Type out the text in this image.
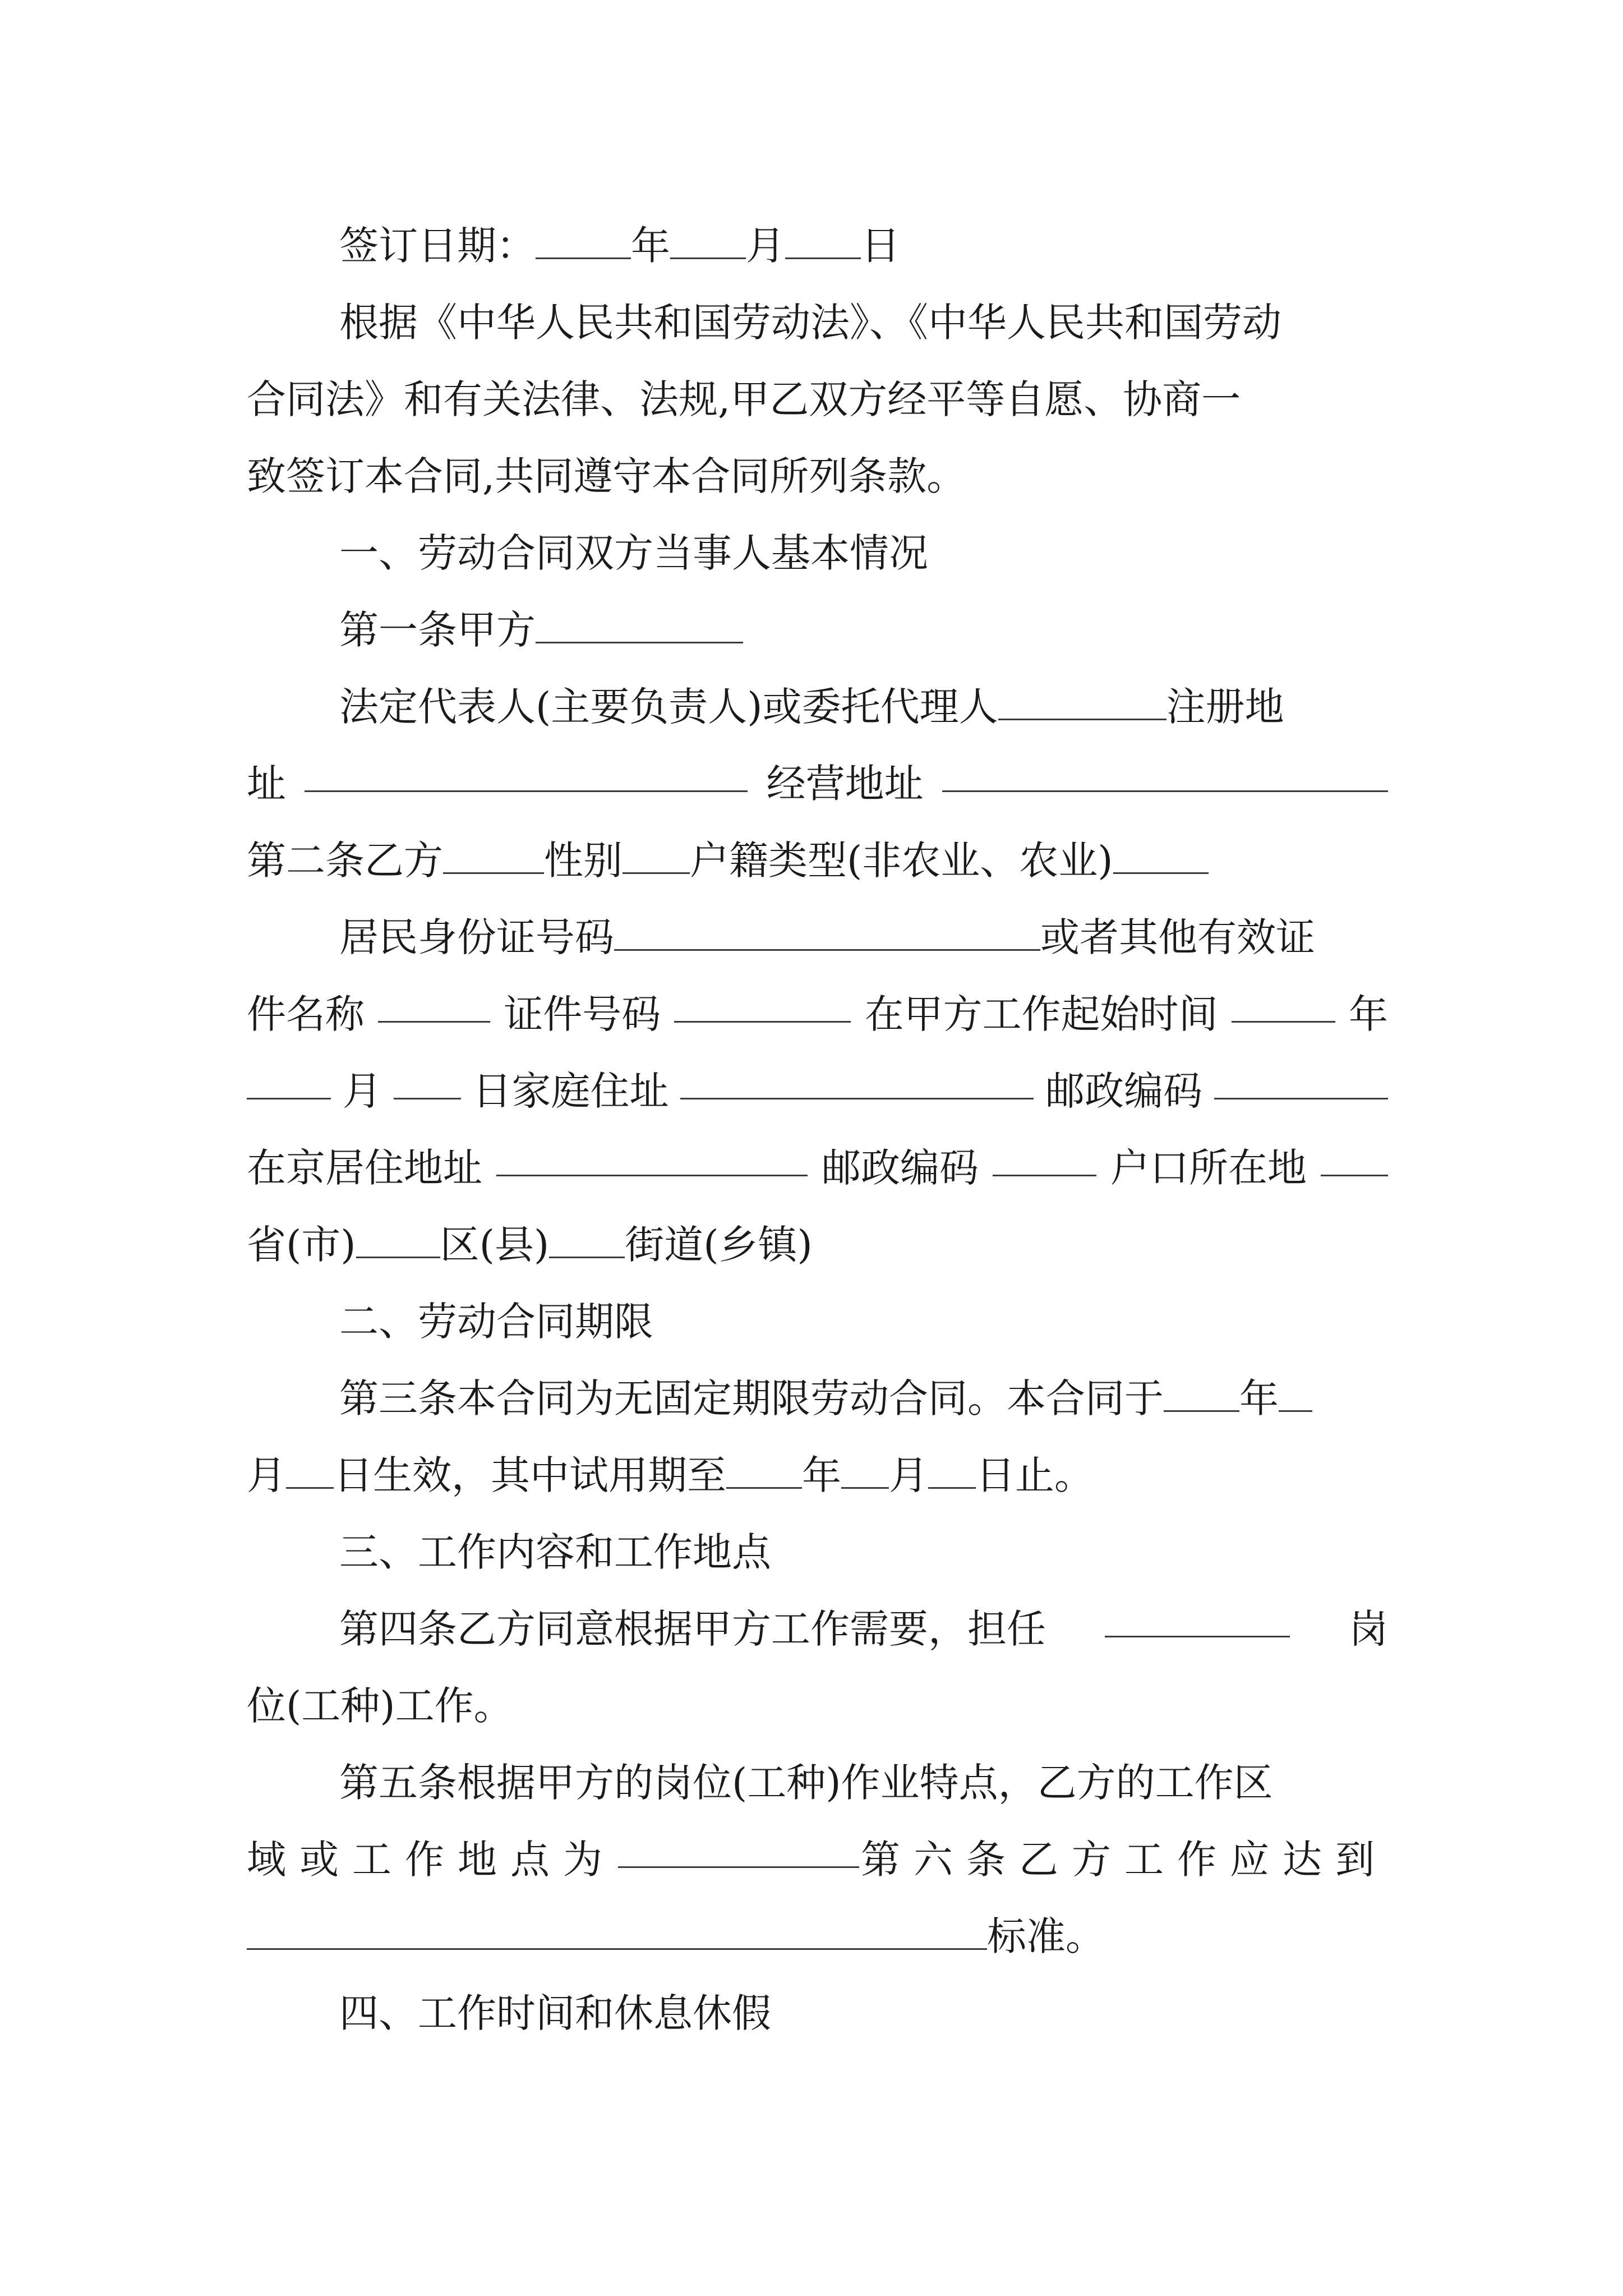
签订日期： 年 月 日
根据《中华人民共和国劳动法》、《中华人民共和国劳动
合同法》和有关法律、法规,甲乙双方经平等自愿、协商一
致签订本合同,共同遵守本合同所列条款。
一、劳动合同双方当事人基本情况
第一条甲方
法定代表人(主要负责人)或委托代理人	注册地
址	经营地址
第二条乙方	性别 户籍类型(非农业、农业)
居民身份证号码	或者其他有效证
件名称	证件号码	在甲方工作起始时间	年
月 日家庭住址	邮政编码
在京居住地址	邮政编码	户口所在地
省(市) 区(县) 街道(乡镇)
二、劳动合同期限
第三条本合同为无固定期限劳动合同。本合同于 年
月 日生效，其中试用期至 年 月 日止。
三、工作内容和工作地点
第四条乙方同意根据甲方工作需要，担任	岗
位(工种)工作。
第五条根据甲方的岗位(工种)作业特点，乙方的工作区
域或工作地点为	第六条乙方工作应达到
标准。
四、工作时间和休息休假
